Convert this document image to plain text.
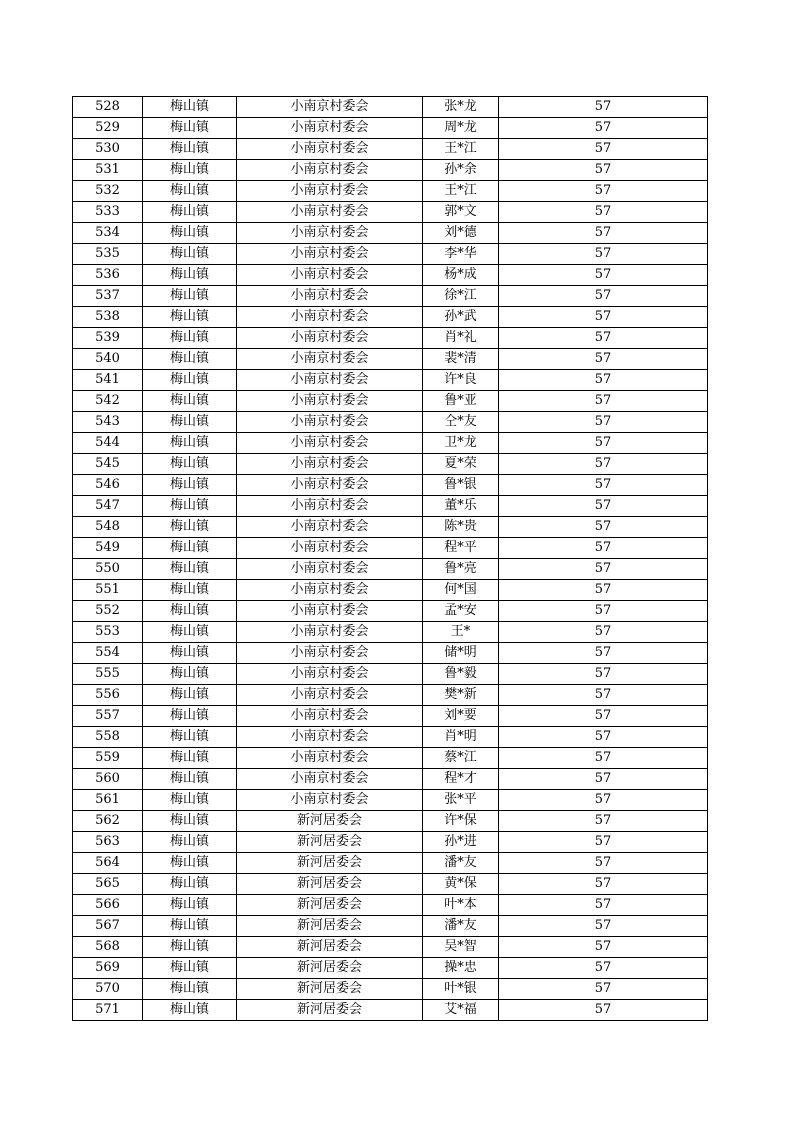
528	梅山镇	小南京村委会	张*龙	57
529	梅山镇	小南京村委会	周*龙	57
530	梅山镇	小南京村委会	王*江	57
531	梅山镇	小南京村委会	孙*余	57
532	梅山镇	小南京村委会	王*江	57
533	梅山镇	小南京村委会	郭*文	57
534	梅山镇	小南京村委会	刘*德	57
535	梅山镇	小南京村委会	李*华	57
536	梅山镇	小南京村委会	杨*成	57
537	梅山镇	小南京村委会	徐*江	57
538	梅山镇	小南京村委会	孙*武	57
539	梅山镇	小南京村委会	肖*礼	57
540	梅山镇	小南京村委会	裴*清	57
541	梅山镇	小南京村委会	许*良	57
542	梅山镇	小南京村委会	鲁*亚	57
543	梅山镇	小南京村委会	仝*友	57
544	梅山镇	小南京村委会	卫*龙	57
545	梅山镇	小南京村委会	夏*荣	57
546	梅山镇	小南京村委会	鲁*银	57
547	梅山镇	小南京村委会	董*乐	57
548	梅山镇	小南京村委会	陈*贵	57
549	梅山镇	小南京村委会	程*平	57
550	梅山镇	小南京村委会	鲁*亮	57
551	梅山镇	小南京村委会	何*国	57
552	梅山镇	小南京村委会	孟*安	57
553	梅山镇	小南京村委会	王*	57
554	梅山镇	小南京村委会	储*明	57
555	梅山镇	小南京村委会	鲁*毅	57
556	梅山镇	小南京村委会	樊*新	57
557	梅山镇	小南京村委会	刘*要	57
558	梅山镇	小南京村委会	肖*明	57
559	梅山镇	小南京村委会	蔡*江	57
560	梅山镇	小南京村委会	程*才	57
561	梅山镇	小南京村委会	张*平	57
562	梅山镇	新河居委会	许*保	57
563	梅山镇	新河居委会	孙*进	57
564	梅山镇	新河居委会	潘*友	57
565	梅山镇	新河居委会	黄*保	57
566	梅山镇	新河居委会	叶*本	57
567	梅山镇	新河居委会	潘*友	57
568	梅山镇	新河居委会	吴*智	57
569	梅山镇	新河居委会	操*忠	57
570	梅山镇	新河居委会	叶*银	57
571	梅山镇	新河居委会	艾*福	57
